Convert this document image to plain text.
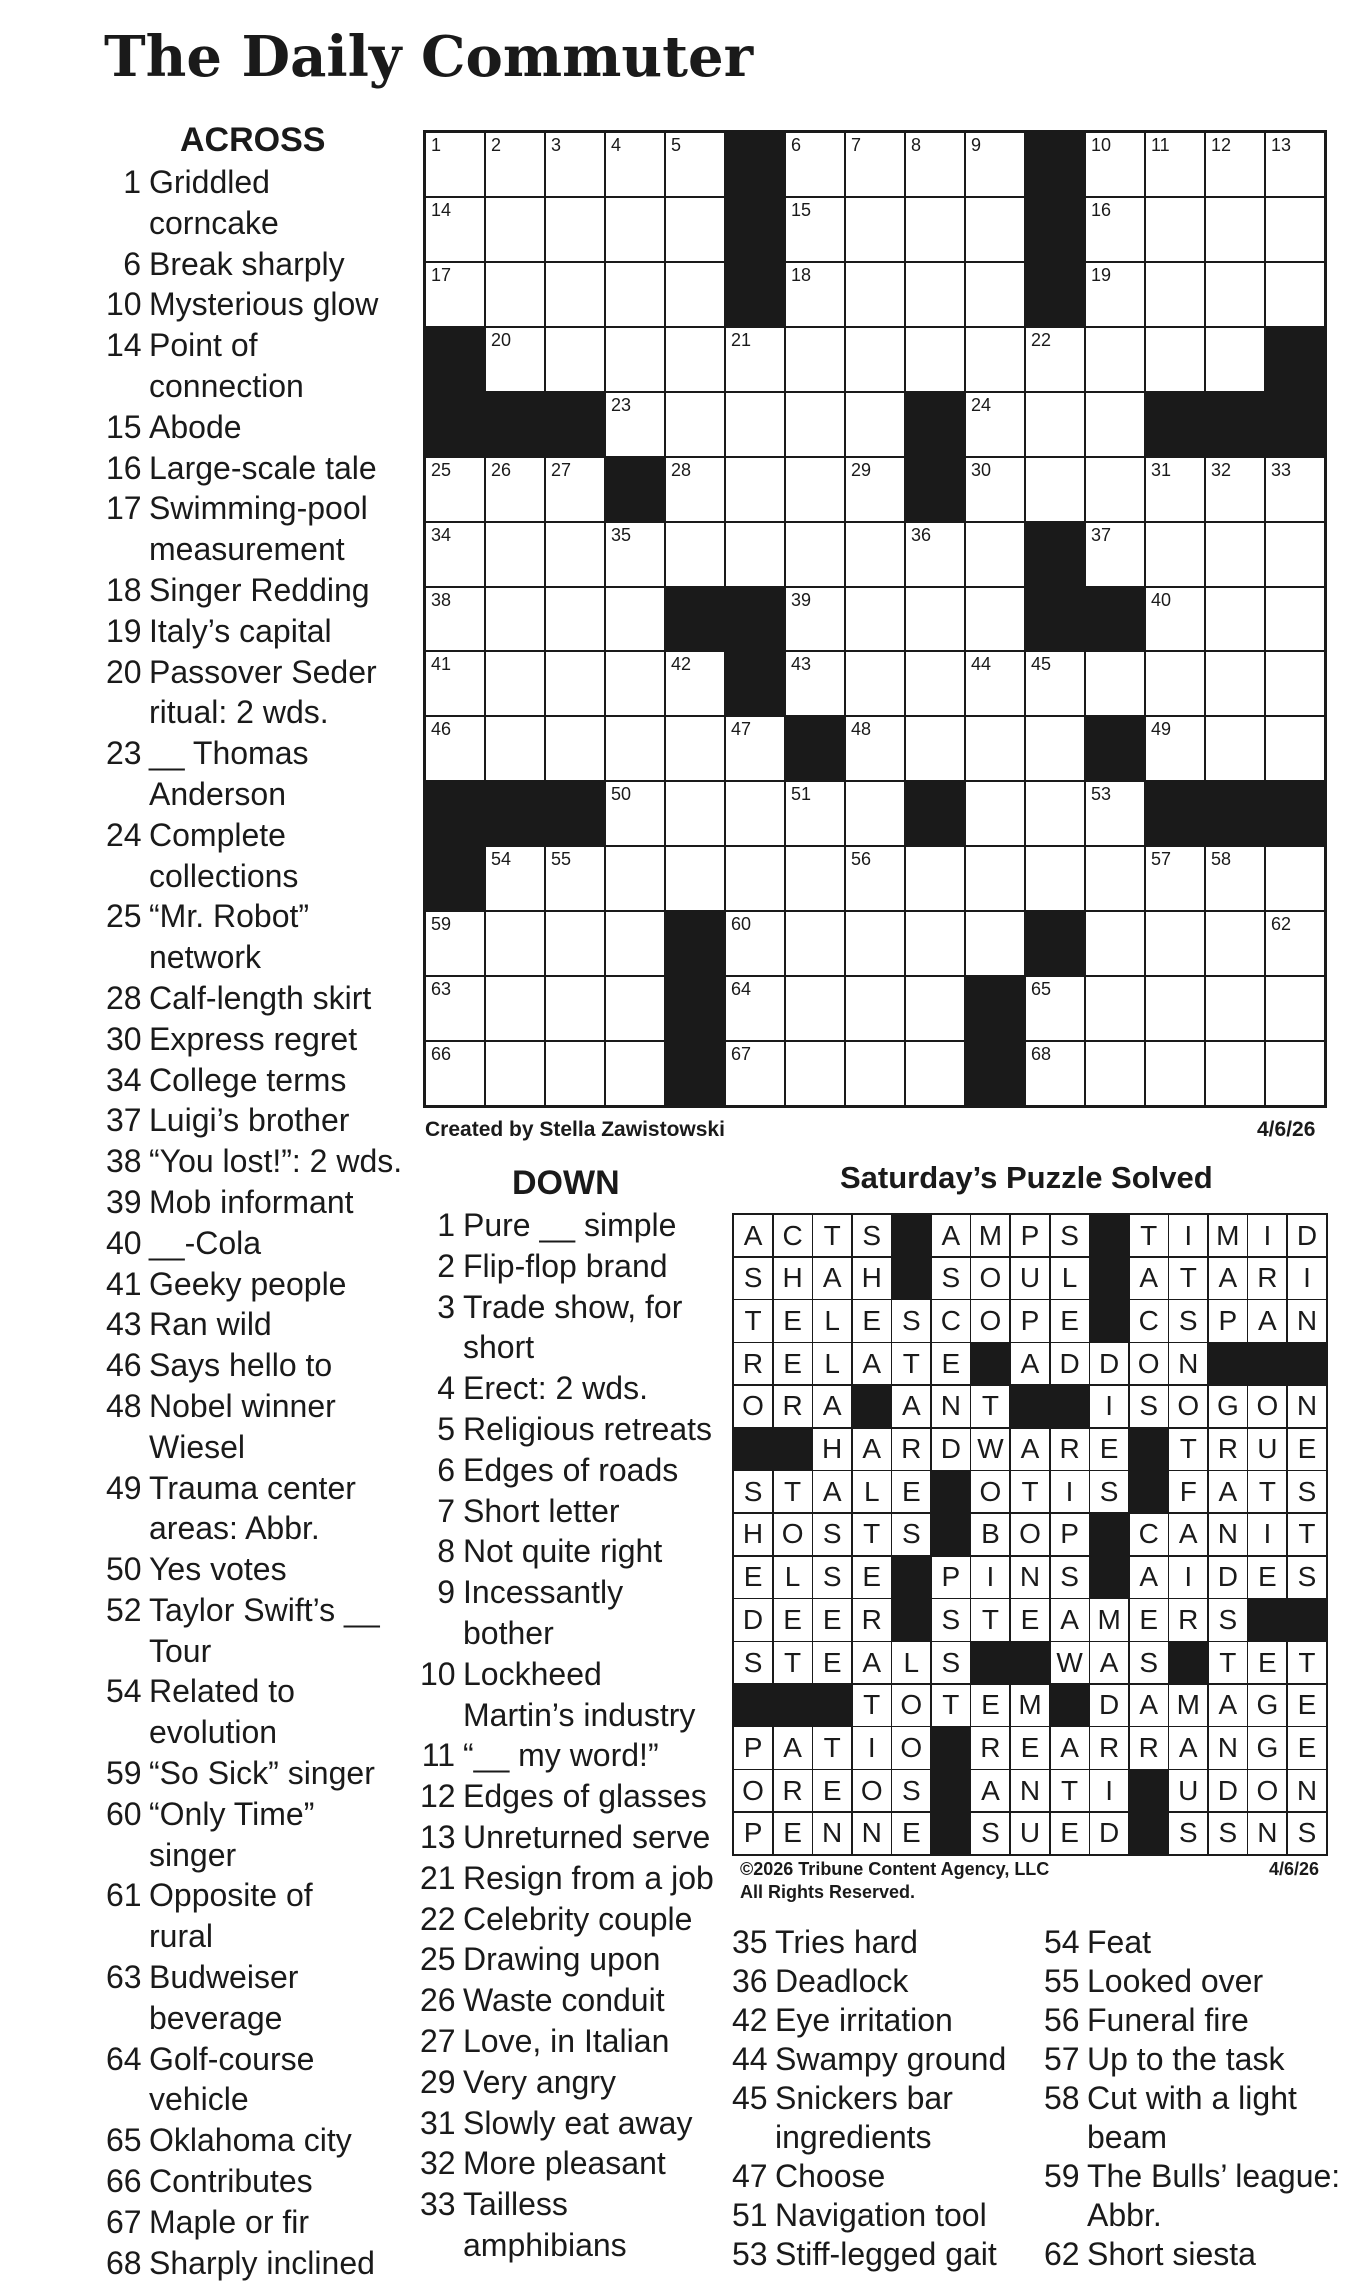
The Daily Commuter
ACROSS
1 Griddled
corncake
6 Break sharply
10 Mysterious glow
14 Point of
connection
15 Abode
16 Large-scale tale
17 Swimming-pool
measurement
18 Singer Redding
19 Italy’s capital
20 Passover Seder
ritual: 2 wds.
23 __ Thomas
Anderson
24 Complete
collections
25 “Mr. Robot”
network
28 Calf-length skirt
30 Express regret
34 College terms
37 Luigi’s brother
38 “You lost!”: 2 wds.
39 Mob informant
40 __-Cola
41 Geeky people
43 Ran wild
46 Says hello to
48 Nobel winner
Wiesel
49 Trauma center
areas: Abbr.
50 Yes votes
52 Taylor Swift’s __
Tour
54 Related to
evolution
59 “So Sick” singer
60 “Only Time”
singer
61 Opposite of
rural
63 Budweiser
beverage
64 Golf-course
vehicle
65 Oklahoma city
66 Contributes
67 Maple or fir
68 Sharply inclined
1	2	3	4	5	6	7	8	9	10 11 12 13
14	15	16
17	18	19
20	21	22
23	24
25 26 27	28	29	30	31 32 33
34	35	36	37
38	39	40
41	42	43	44 45
46	47	48	49
50	51	53
54 55	56	57 58
59	60	62
63	64	65
66	67	68
Created by Stella Zawistowski	4/6/26
DOWN
1 Pure __ simple
2 Flip-flop brand
3 Trade show, for
short
4 Erect: 2 wds.
5 Religious retreats
6 Edges of roads
7 Short letter
8 Not quite right
9 Incessantly
bother
10 Lockheed
Martin’s industry
11 “__ my word!”
12 Edges of glasses
13 Unreturned serve
21 Resign from a job
22 Celebrity couple
25 Drawing upon
26 Waste conduit
27 Love, in Italian
29 Very angry
31 Slowly eat away
32 More pleasant
33 Tailless
amphibians
Saturday’s Puzzle Solved
A C T S	A M P S	T I M I D
S H A H	S O U L	A T A R I
T E L E S C O P E	C S P A N
R E L A T E	A D D O N
O R A	A N T	I S O G O N
H A R D W A R E	T R U E
S T A L E	O T I S	F A T S
H O S T S	B O P	C A N I T
E L S E	P I N S	A I D E S
D E E R	S T E A M E R S
S T E A L S	W A S	T E T
T O T E M	D A M A G E
P A T I O	R E A R R A N G E
O R E O S	A N T I	U D O N
P E N N E	S U E D	S S N S
©2026 Tribune Content Agency, LLC
All Rights Reserved.
4/6/26
35 Tries hard
36 Deadlock
42 Eye irritation
44 Swampy ground
45 Snickers bar
ingredients
47 Choose
51 Navigation tool
53 Stiff-legged gait
54 Feat
55 Looked over
56 Funeral fire
57 Up to the task
58 Cut with a light
beam
59 The Bulls’ league:
Abbr.
62 Short siesta
